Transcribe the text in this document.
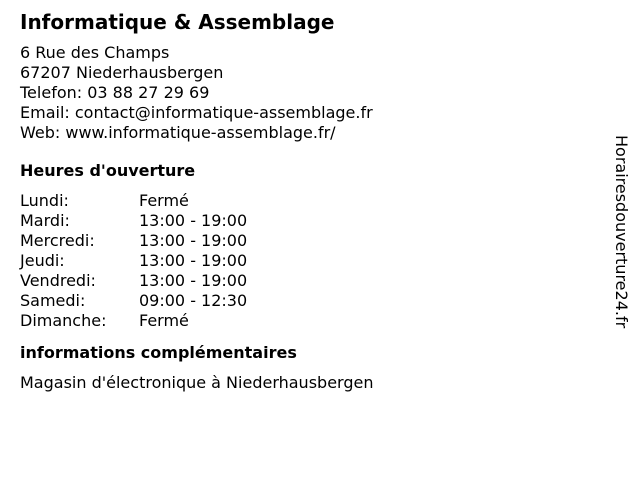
Informatique & Assemblage
6 Rue des Champs
67207 Niederhausbergen
Telefon: 03 88 27 29 69
Email: contact@informatique-assemblage.fr
Web: www.informatique-assemblage.fr/
Heures d'ouverture
Lundi:	Fermé
Mardi:	13:00 - 19:00
Mercredi:	13:00 - 19:00
Jeudi:	13:00 - 19:00
Vendredi:	13:00 - 19:00
Samedi:	09:00 - 12:30
Dimanche:	Fermé
informations complémentaires
Magasin d'électronique à Niederhausbergen
Horairesdouverture24.fr
